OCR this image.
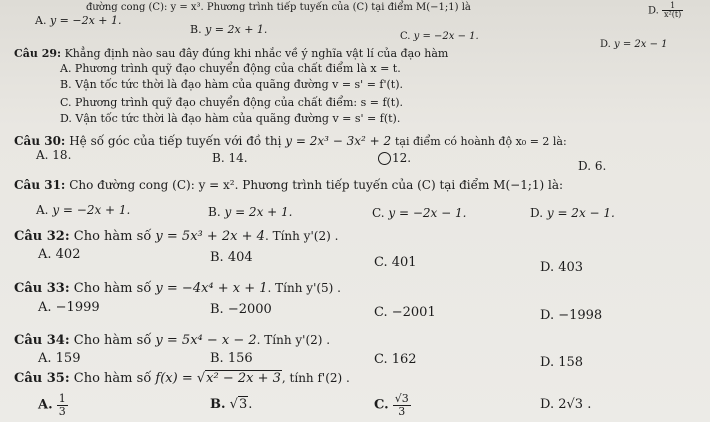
đường cong (C): y = x³. Phương trình tiếp tuyến của (C) tại điểm M(−1;1) là	D. $\frac{1}{\text{x²(t)}}$
A. y = −2x + 1.
B. y = 2x + 1.
C. y = −2x − 1.
D. y = 2x − 1
Câu 29: Khẳng định nào sau đây đúng khi nhắc về ý nghĩa vật lí của đạo hàm
A. Phương trình quỹ đạo chuyển động của chất điểm là x = t.
B. Vận tốc tức thời là đạo hàm của quãng đường v = s' = f'(t).
C. Phương trình quỹ đạo chuyển động của chất điểm: s = f(t).
D. Vận tốc tức thời là đạo hàm của quãng đường v = s' = f(t).
Câu 30: Hệ số góc của tiếp tuyến với đồ thị y = 2x³ − 3x² + 2 tại điểm có hoành độ x₀ = 2 là:
A. 18.	B. 14.	12.
D. 6.
Câu 31: Cho đường cong (C): y = x². Phương trình tiếp tuyến của (C) tại điểm M(−1;1) là:
A. y = −2x + 1.	B. y = 2x + 1.	C. y = −2x − 1.	D. y = 2x − 1.
Câu 32: Cho hàm số y = 5x³ + 2x + 4. Tính y'(2) .
A. 402	B. 404	C. 401	D. 403
Câu 33: Cho hàm số y = −4x⁴ + x + 1. Tính y'(5) .
A. −1999	B. −2000	C. −2001	D. −1998
Câu 34: Cho hàm số y = 5x⁴ − x − 2. Tính y'(2) .
A. 159	B. 156	C. 162	D. 158
Câu 35: Cho hàm số f(x) = √x² − 2x + 3, tính f'(2) .
A. $\frac{1}{3}$	B. √3.	C. $\frac{√3}{3}$	D. 2√3 .
